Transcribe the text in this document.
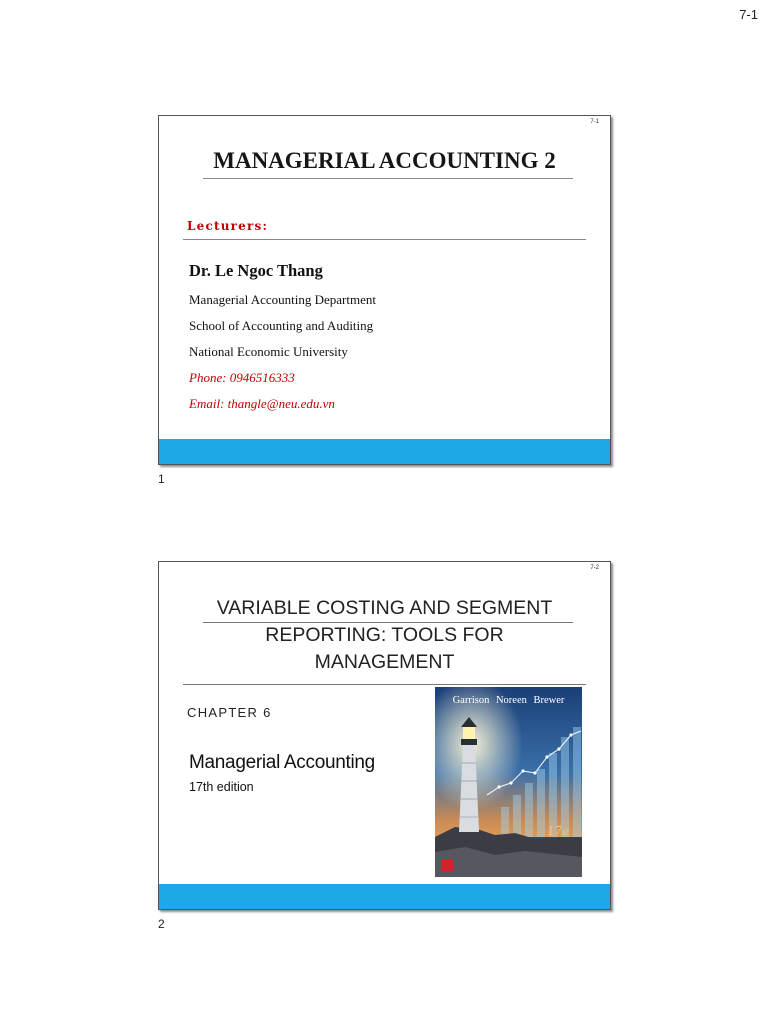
7-1
7-1
MANAGERIAL ACCOUNTING 2
Lecturers:
Dr. Le Ngoc Thang
Managerial Accounting Department
School of Accounting and Auditing
National Economic University
Phone: 0946516333
Email: thangle@neu.edu.vn
1
7-2
VARIABLE COSTING AND SEGMENT
REPORTING: TOOLS FOR
MANAGEMENT
CHAPTER 6
Managerial Accounting
17th edition
17e
Garrison Noreen Brewer
2
